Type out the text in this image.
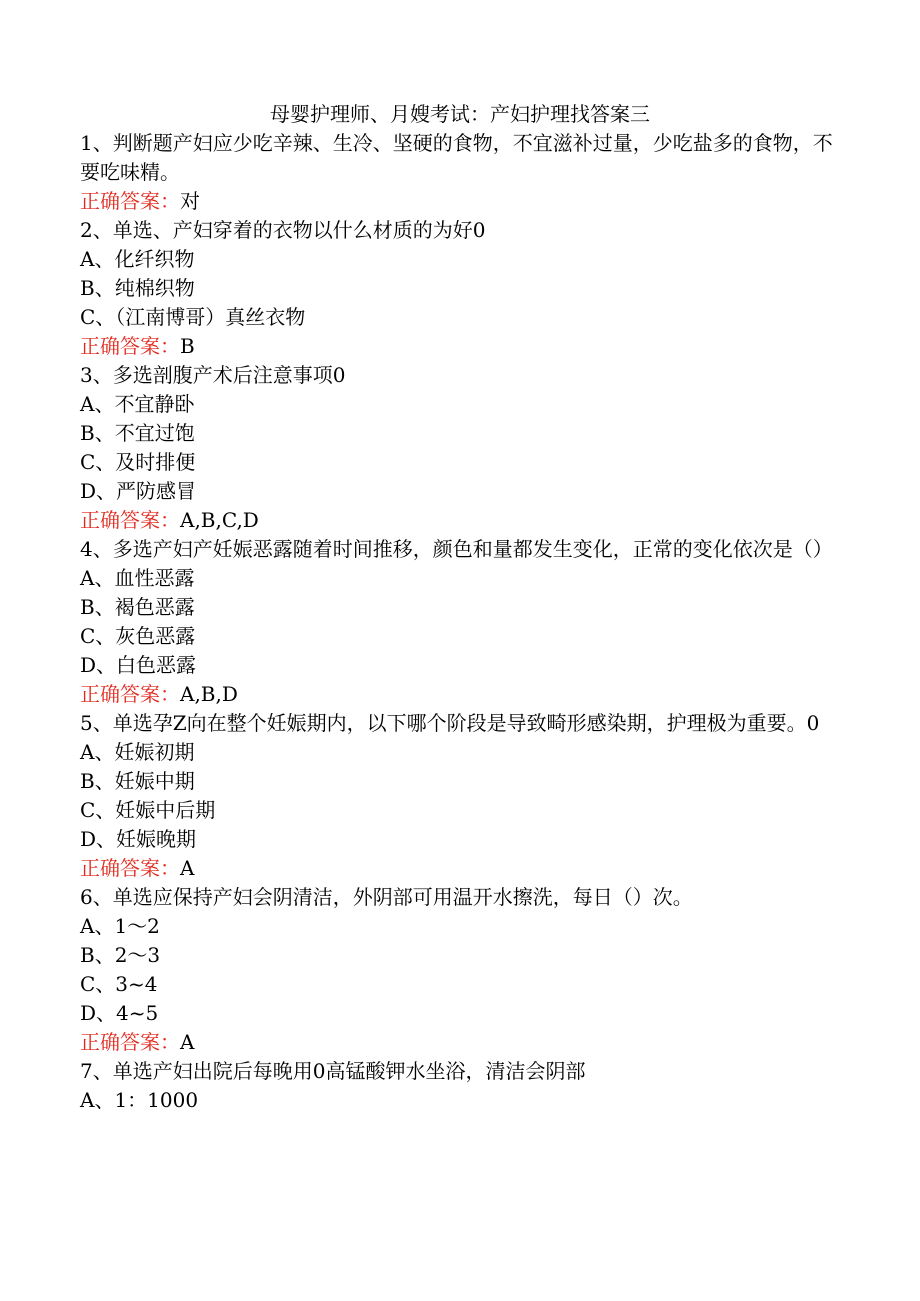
母婴护理师、月嫂考试：产妇护理找答案三

1、判断题产妇应少吃辛辣、生冷、坚硬的食物，不宜滋补过量，少吃盐多的食物，不要吃味精。

正确答案：对

2、单选、产妇穿着的衣物以什么材质的为好0

A、化纤织物

B、纯棉织物

C、（江南博哥）真丝衣物

正确答案：B

3、多选剖腹产术后注意事项0

A、不宜静卧

B、不宜过饱

C、及时排便

D、严防感冒

正确答案：A,B,C,D

4、多选产妇产妊娠恶露随着时间推移，颜色和量都发生变化，正常的变化依次是（）

A、血性恶露

B、褐色恶露

C、灰色恶露

D、白色恶露

正确答案：A,B,D

5、单选孕Z向在整个妊娠期内，以下哪个阶段是导致畸形感染期，护理极为重要。0

A、妊娠初期

B、妊娠中期

C、妊娠中后期

D、妊娠晚期

正确答案：A

6、单选应保持产妇会阴清洁，外阴部可用温开水擦洗，每日（）次。

A、1～2

B、2～3

C、3~4

D、4~5

正确答案：A

7、单选产妇出院后每晚用0高锰酸钾水坐浴，清洁会阴部

A、1：1000
